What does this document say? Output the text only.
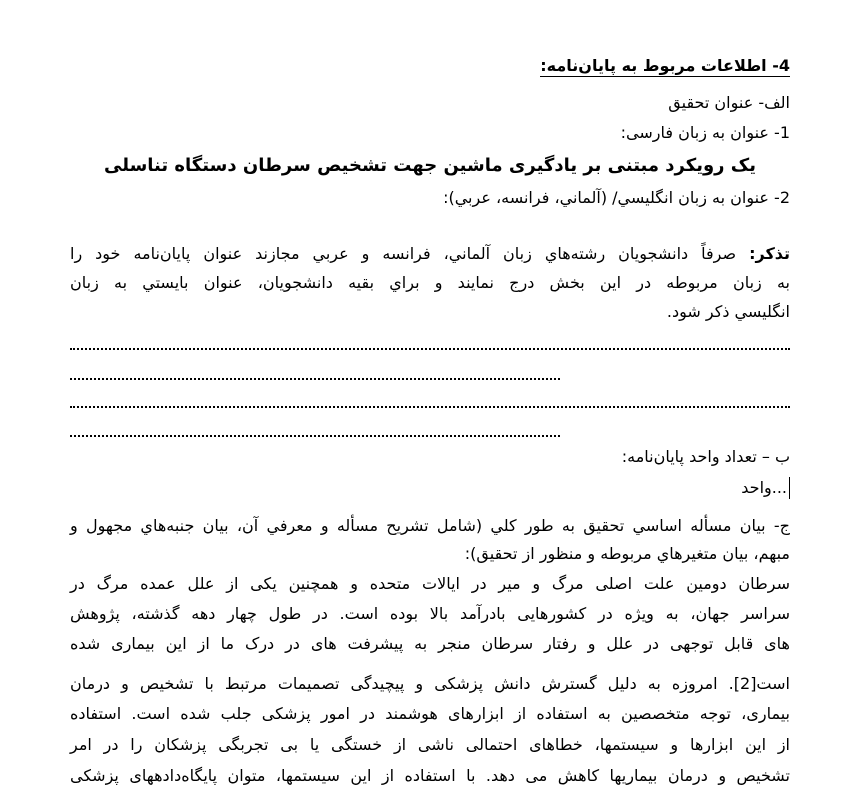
4- اطلاعات مربوط به پایان‌نامه:
الف- عنوان تحقیق
1- عنوان به زبان فارسی:
یک رویکرد مبتنی بر یادگیری ماشین جهت تشخیص سرطان دستگاه تناسلی
2- عنوان به زبان انگليسي/ (آلماني، فرانسه، عربي):
تذکر: صرفاً دانشجويان رشته‌هاي زبان آلماني، فرانسه و عربي مجازند عنوان پايان‌نامه خود را
به زبان مربوطه در اين بخش درج نمايند و براي بقيه دانشجويان، عنوان بايستي به زبان
انگليسي ذکر شود.
ب – تعداد واحد پایان‌نامه:
...واحد
ج- بيان مسأله اساسي تحقيق به طور كلي (شامل تشريح مسأله و معرفي آن، بيان جنبه‌هاي مجهول و
مبهم، بيان متغيرهاي مربوطه و منظور از تحقيق):
سرطان دومین علت اصلی مرگ و میر در ایالات متحده و همچنین یکی از علل عمده مرگ در
سراسر جهان، به ویژه در کشورهایی بادرآمد بالا بوده است. در طول چهار دهه گذشته، پژوهش
های قابل توجهی در علل و رفتار سرطان منجر به پیشرفت های در درک ما از این بیماری شده
است[2]. امروزه به دلیل گسترش دانش پزشکی و پیچیدگی تصمیمات مرتبط با تشخیص و درمان
بیماری، توجه متخصصین به استفاده از ابزارهای هوشمند در امور پزشکی جلب شده است. استفاده
از این ابزارها و سیستمها، خطاهای احتمالی ناشی از خستگی یا بی تجربگی پزشکان را در امر
تشخیص و درمان بیماریها کاهش می دهد. با استفاده از این سیستمها، متوان پایگاه‌دادههای پزشکی
